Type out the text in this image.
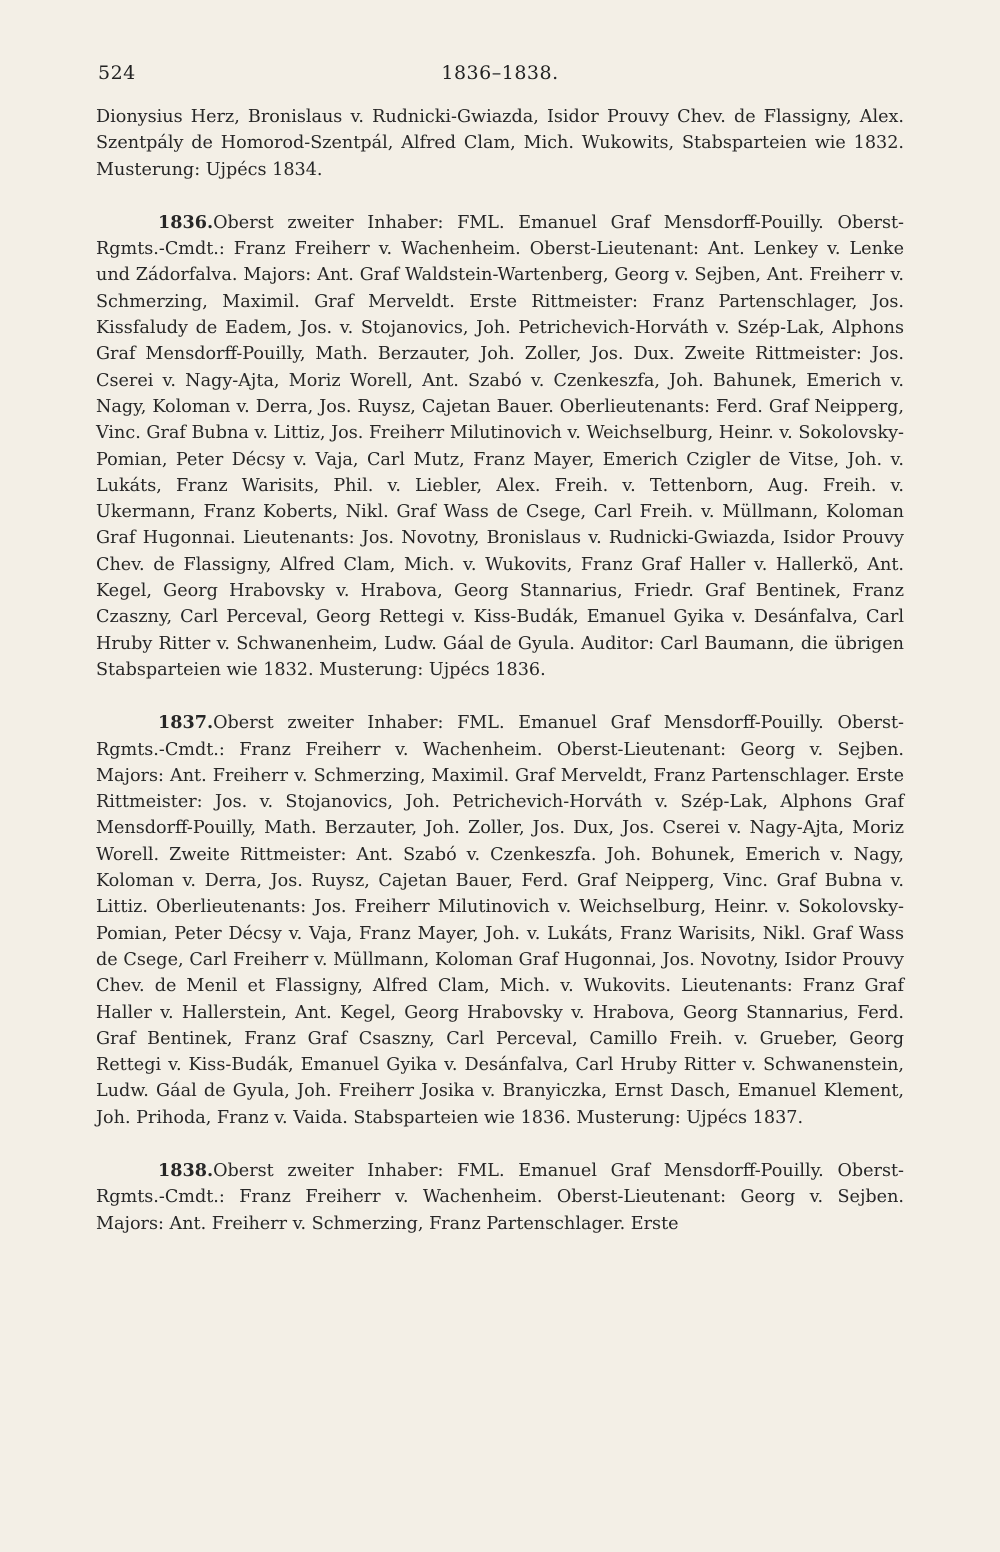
524	1836–1838.

Dionysius Herz, Bronislaus v. Rudnicki-Gwiazda, Isidor Prouvy Chev. de Flassigny, Alex. Szentpály de Homorod-Szentpál, Alfred Clam, Mich. Wukowits, Stabsparteien wie 1832. Musterung: Ujpécs 1834.

1836.Oberst zweiter Inhaber: FML. Emanuel Graf Mensdorff-Pouilly. Oberst-Rgmts.-Cmdt.: Franz Freiherr v. Wachenheim. Oberst-Lieutenant: Ant. Lenkey v. Lenke und Zádorfalva. Majors: Ant. Graf Waldstein-Wartenberg, Georg v. Sejben, Ant. Freiherr v. Schmerzing, Maximil. Graf Merveldt. Erste Rittmeister: Franz Partenschlager, Jos. Kissfaludy de Eadem, Jos. v. Stojanovics, Joh. Petrichevich-Horváth v. Szép-Lak, Alphons Graf Mensdorff-Pouilly, Math. Berzauter, Joh. Zoller, Jos. Dux. Zweite Rittmeister: Jos. Cserei v. Nagy-Ajta, Moriz Worell, Ant. Szabó v. Czenkeszfa, Joh. Bahunek, Emerich v. Nagy, Koloman v. Derra, Jos. Ruysz, Cajetan Bauer. Oberlieutenants: Ferd. Graf Neipperg, Vinc. Graf Bubna v. Littiz, Jos. Freiherr Milutinovich v. Weichselburg, Heinr. v. Sokolovsky-Pomian, Peter Décsy v. Vaja, Carl Mutz, Franz Mayer, Emerich Czigler de Vitse, Joh. v. Lukáts, Franz Warisits, Phil. v. Liebler, Alex. Freih. v. Tettenborn, Aug. Freih. v. Ukermann, Franz Koberts, Nikl. Graf Wass de Csege, Carl Freih. v. Müllmann, Koloman Graf Hugonnai. Lieutenants: Jos. Novotny, Bronislaus v. Rudnicki-Gwiazda, Isidor Prouvy Chev. de Flassigny, Alfred Clam, Mich. v. Wukovits, Franz Graf Haller v. Hallerkö, Ant. Kegel, Georg Hrabovsky v. Hrabova, Georg Stannarius, Friedr. Graf Bentinek, Franz Czaszny, Carl Perceval, Georg Rettegi v. Kiss-Budák, Emanuel Gyika v. Desánfalva, Carl Hruby Ritter v. Schwanenheim, Ludw. Gáal de Gyula. Auditor: Carl Baumann, die übrigen Stabsparteien wie 1832. Musterung: Ujpécs 1836.

1837.Oberst zweiter Inhaber: FML. Emanuel Graf Mensdorff-Pouilly. Oberst-Rgmts.-Cmdt.: Franz Freiherr v. Wachenheim. Oberst-Lieutenant: Georg v. Sejben. Majors: Ant. Freiherr v. Schmerzing, Maximil. Graf Merveldt, Franz Partenschlager. Erste Rittmeister: Jos. v. Stojanovics, Joh. Petrichevich-Horváth v. Szép-Lak, Alphons Graf Mensdorff-Pouilly, Math. Berzauter, Joh. Zoller, Jos. Dux, Jos. Cserei v. Nagy-Ajta, Moriz Worell. Zweite Rittmeister: Ant. Szabó v. Czenkeszfa. Joh. Bohunek, Emerich v. Nagy, Koloman v. Derra, Jos. Ruysz, Cajetan Bauer, Ferd. Graf Neipperg, Vinc. Graf Bubna v. Littiz. Oberlieutenants: Jos. Freiherr Milutinovich v. Weichselburg, Heinr. v. Sokolovsky-Pomian, Peter Décsy v. Vaja, Franz Mayer, Joh. v. Lukáts, Franz Warisits, Nikl. Graf Wass de Csege, Carl Freiherr v. Müllmann, Koloman Graf Hugonnai, Jos. Novotny, Isidor Prouvy Chev. de Menil et Flassigny, Alfred Clam, Mich. v. Wukovits. Lieutenants: Franz Graf Haller v. Hallerstein, Ant. Kegel, Georg Hrabovsky v. Hrabova, Georg Stannarius, Ferd. Graf Bentinek, Franz Graf Csaszny, Carl Perceval, Camillo Freih. v. Grueber, Georg Rettegi v. Kiss-Budák, Emanuel Gyika v. Desánfalva, Carl Hruby Ritter v. Schwanenstein, Ludw. Gáal de Gyula, Joh. Freiherr Josika v. Branyiczka, Ernst Dasch, Emanuel Klement, Joh. Prihoda, Franz v. Vaida. Stabsparteien wie 1836. Musterung: Ujpécs 1837.

1838.Oberst zweiter Inhaber: FML. Emanuel Graf Mensdorff-Pouilly. Oberst-Rgmts.-Cmdt.: Franz Freiherr v. Wachenheim. Oberst-Lieutenant: Georg v. Sejben. Majors: Ant. Freiherr v. Schmerzing, Franz Partenschlager. Erste
